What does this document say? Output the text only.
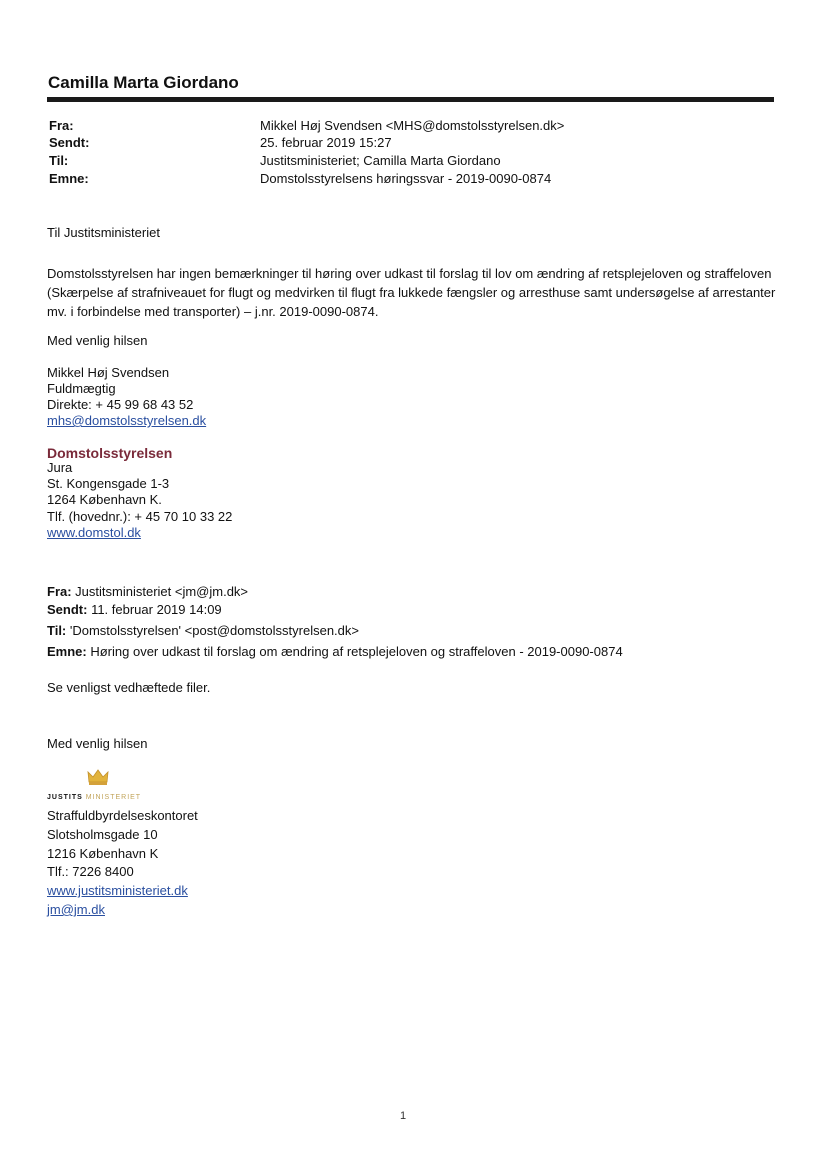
Camilla Marta Giordano
Fra:	Mikkel Høj Svendsen <MHS@domstolsstyrelsen.dk>
Sendt:	25. februar 2019 15:27
Til:	Justitsministeriet; Camilla Marta Giordano
Emne:	Domstolsstyrelsens høringssvar - 2019-0090-0874
Til Justitsministeriet
Domstolsstyrelsen har ingen bemærkninger til høring over udkast til forslag til lov om ændring af retsplejeloven og straffeloven (Skærpelse af strafniveauet for flugt og medvirken til flugt fra lukkede fængsler og arresthuse samt undersøgelse af arrestanter mv. i forbindelse med transporter) – j.nr. 2019-0090-0874.
Med venlig hilsen
Mikkel Høj Svendsen
Fuldmægtig
Direkte: + 45 99 68 43 52
mhs@domstolsstyrelsen.dk
Domstolsstyrelsen
Jura
St. Kongensgade 1-3
1264 København K.
Tlf. (hovednr.): + 45 70 10 33 22
www.domstol.dk
Fra: Justitsministeriet <jm@jm.dk>
Sendt: 11. februar 2019 14:09
Til: 'Domstolsstyrelsen' <post@domstolsstyrelsen.dk>
Emne: Høring over udkast til forslag om ændring af retsplejeloven og straffeloven - 2019-0090-0874
Se venligst vedhæftede filer.
Med venlig hilsen
JUSTITS MINISTERIET
Straffuldbyrdelseskontoret
Slotsholmsgade 10
1216 København K
Tlf.: 7226 8400
www.justitsministeriet.dk
jm@jm.dk
1
